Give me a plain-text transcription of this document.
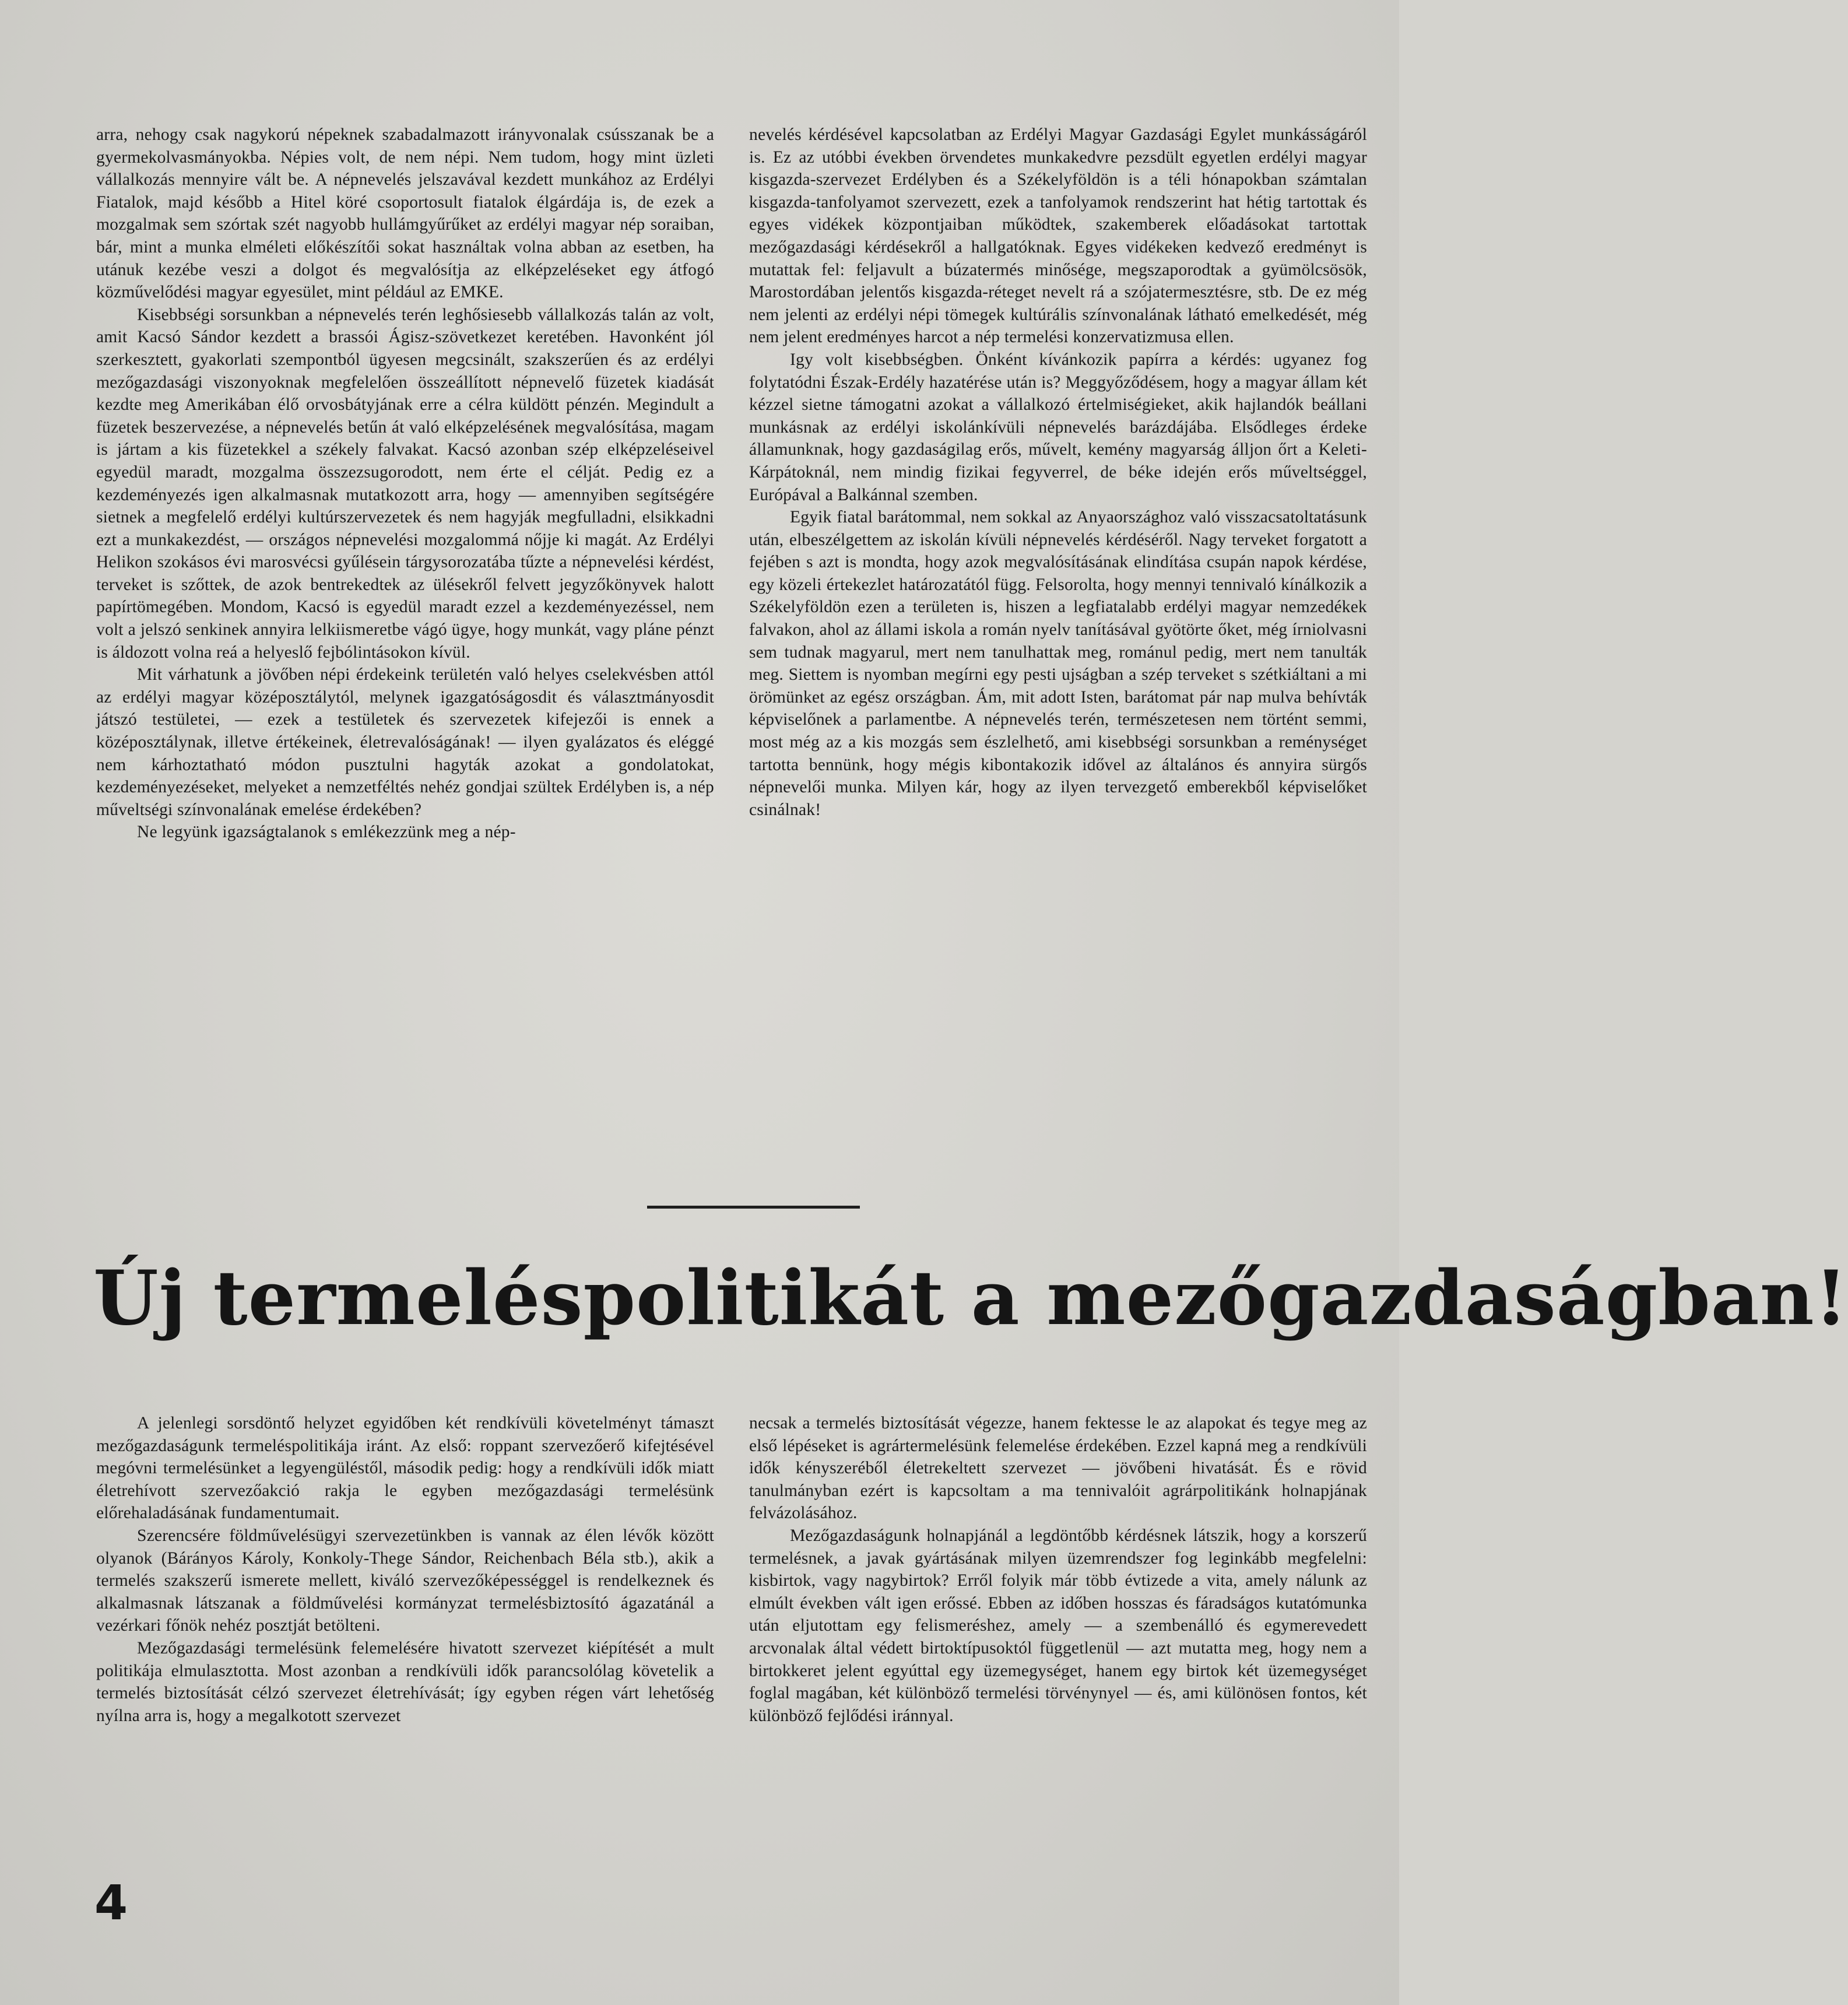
arra, nehogy csak nagykorú népeknek szabadalmazott irányvonalak csússzanak be a gyermekolvasmányokba. Népies volt, de nem népi. Nem tudom, hogy mint üzleti vállalkozás mennyire vált be. A népnevelés jelszavával kezdett munkához az Erdélyi Fiatalok, majd később a Hitel köré csoportosult fiatalok élgárdája is, de ezek a mozgalmak sem szórtak szét nagyobb hullámgyűrűket az erdélyi magyar nép soraiban, bár, mint a munka elméleti előkészítői sokat használtak volna abban az esetben, ha utánuk kezébe veszi a dolgot és megvalósítja az elképzeléseket egy átfogó közművelődési magyar egyesület, mint például az EMKE.

Kisebbségi sorsunkban a népnevelés terén leghősiesebb vállalkozás talán az volt, amit Kacsó Sándor kezdett a brassói Ágisz-szövetkezet keretében. Havonként jól szerkesztett, gyakorlati szempontból ügyesen megcsinált, szakszerűen és az erdélyi mezőgazdasági viszonyoknak megfelelően összeállított népnevelő füzetek kiadását kezdte meg Amerikában élő orvosbátyjának erre a célra küldött pénzén. Megindult a füzetek beszervezése, a népnevelés betűn át való elképzelésének megvalósítása, magam is jártam a kis füzetekkel a székely falvakat. Kacsó azonban szép elképzeléseivel egyedül maradt, mozgalma összezsugorodott, nem érte el célját. Pedig ez a kezdeményezés igen alkalmasnak mutatkozott arra, hogy — amennyiben segítségére sietnek a megfelelő erdélyi kultúrszervezetek és nem hagyják megfulladni, elsikkadni ezt a munkakezdést, — országos népnevelési mozgalommá nőjje ki magát. Az Erdélyi Helikon szokásos évi marosvécsi gyűlésein tárgysorozatába tűzte a népnevelési kérdést, terveket is szőttek, de azok bentrekedtek az ülésekről felvett jegyzőkönyvek halott papírtömegében. Mondom, Kacsó is egyedül maradt ezzel a kezdeményezéssel, nem volt a jelszó senkinek annyira lelkiismeretbe vágó ügye, hogy munkát, vagy pláne pénzt is áldozott volna reá a helyeslő fejbólintásokon kívül.

Mit várhatunk a jövőben népi érdekeink területén való helyes cselekvésben attól az erdélyi magyar középosztálytól, melynek igazgatóságosdit és választmányosdit játszó testületei, — ezek a testületek és szervezetek kifejezői is ennek a középosztálynak, illetve értékeinek, életrevalóságának! — ilyen gyalázatos és eléggé nem kárhoztatható módon pusztulni hagyták azokat a gondolatokat, kezdeményezéseket, melyeket a nemzetféltés nehéz gondjai szültek Erdélyben is, a nép műveltségi színvonalának emelése érdekében?

Ne legyünk igazságtalanok s emlékezzünk meg a nép-

nevelés kérdésével kapcsolatban az Erdélyi Magyar Gazdasági Egylet munkásságáról is. Ez az utóbbi években örvendetes munkakedvre pezsdült egyetlen erdélyi magyar kisgazda-szervezet Erdélyben és a Székelyföldön is a téli hónapokban számtalan kisgazda-tanfolyamot szervezett, ezek a tanfolyamok rendszerint hat hétig tartottak és egyes vidékek központjaiban működtek, szakemberek előadásokat tartottak mezőgazdasági kérdésekről a hallgatóknak. Egyes vidékeken kedvező eredményt is mutattak fel: feljavult a búzatermés minősége, megszaporodtak a gyümölcsösök, Marostordában jelentős kisgazda-réteget nevelt rá a szójatermesztésre, stb. De ez még nem jelenti az erdélyi népi tömegek kultúrális színvonalának látható emelkedését, még nem jelent eredményes harcot a nép termelési konzervatizmusa ellen.

Igy volt kisebbségben. Önként kívánkozik papírra a kérdés: ugyanez fog folytatódni Észak-Erdély hazatérése után is? Meggyőződésem, hogy a magyar állam két kézzel sietne támogatni azokat a vállalkozó értelmiségieket, akik hajlandók beállani munkásnak az erdélyi iskolánkívüli népnevelés barázdájába. Elsődleges érdeke államunknak, hogy gazdaságilag erős, művelt, kemény magyarság álljon őrt a Keleti-Kárpátoknál, nem mindig fizikai fegyverrel, de béke idején erős műveltséggel, Európával a Balkánnal szemben.

Egyik fiatal barátommal, nem sokkal az Anyaországhoz való visszacsatoltatásunk után, elbeszélgettem az iskolán kívüli népnevelés kérdéséről. Nagy terveket forgatott a fejében s azt is mondta, hogy azok megvalósításának elindítása csupán napok kérdése, egy közeli értekezlet határozatától függ. Felsorolta, hogy mennyi tennivaló kínálkozik a Székelyföldön ezen a területen is, hiszen a legfiatalabb erdélyi magyar nemzedékek falvakon, ahol az állami iskola a román nyelv tanításával gyötörte őket, még írniolvasni sem tudnak magyarul, mert nem tanulhattak meg, románul pedig, mert nem tanulták meg. Siettem is nyomban megírni egy pesti ujságban a szép terveket s szétkiáltani a mi örömünket az egész országban. Ám, mit adott Isten, barátomat pár nap mulva behívták képviselőnek a parlamentbe. A népnevelés terén, természetesen nem történt semmi, most még az a kis mozgás sem észlelhető, ami kisebbségi sorsunkban a reménységet tartotta bennünk, hogy mégis kibontakozik idővel az általános és annyira sürgős népnevelői munka. Milyen kár, hogy az ilyen tervezgető emberekből képviselőket csinálnak!

Új termeléspolitikát a mezőgazdaságban!

A jelenlegi sorsdöntő helyzet egyidőben két rendkívüli követelményt támaszt mezőgazdaságunk termeléspolitikája iránt. Az első: roppant szervezőerő kifejtésével megóvni termelésünket a legyengüléstől, második pedig: hogy a rendkívüli idők miatt életrehívott szervezőakció rakja le egyben mezőgazdasági termelésünk előrehaladásának fundamentumait.

Szerencsére földművelésügyi szervezetünkben is vannak az élen lévők között olyanok (Bárányos Károly, Konkoly-Thege Sándor, Reichenbach Béla stb.), akik a termelés szakszerű ismerete mellett, kiváló szervezőképességgel is rendelkeznek és alkalmasnak látszanak a földművelési kormányzat termelésbiztosító ágazatánál a vezérkari főnök nehéz posztját betölteni.

Mezőgazdasági termelésünk felemelésére hivatott szervezet kiépítését a mult politikája elmulasztotta. Most azonban a rendkívüli idők parancsolólag követelik a termelés biztosítását célzó szervezet életrehívását; így egyben régen várt lehetőség nyílna arra is, hogy a megalkotott szervezet

necsak a termelés biztosítását végezze, hanem fektesse le az alapokat és tegye meg az első lépéseket is agrártermelésünk felemelése érdekében. Ezzel kapná meg a rendkívüli idők kényszeréből életrekeltett szervezet — jövőbeni hivatását. És e rövid tanulmányban ezért is kapcsoltam a ma tennivalóit agrárpolitikánk holnapjának felvázolásához.

Mezőgazdaságunk holnapjánál a legdöntőbb kérdésnek látszik, hogy a korszerű termelésnek, a javak gyártásának milyen üzemrendszer fog leginkább megfelelni: kisbirtok, vagy nagybirtok? Erről folyik már több évtizede a vita, amely nálunk az elmúlt években vált igen erőssé. Ebben az időben hosszas és fáradságos kutatómunka után eljutottam egy felismeréshez, amely — a szembenálló és egymerevedett arcvonalak által védett birtoktípusoktól függetlenül — azt mutatta meg, hogy nem a birtokkeret jelent egyúttal egy üzemegységet, hanem egy birtok két üzemegységet foglal magában, két különböző termelési törvénynyel — és, ami különösen fontos, két különböző fejlődési iránnyal.

4
